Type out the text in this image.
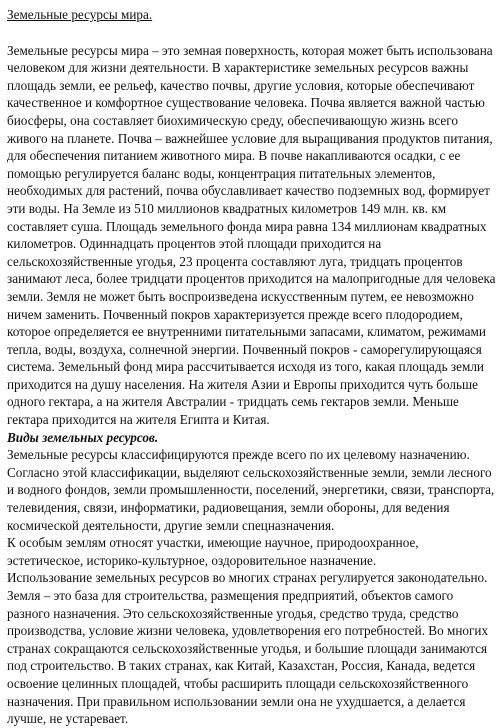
Земельные ресурсы мира.

Земельные ресурсы мира – это земная поверхность, которая может быть использована человеком для жизни деятельности. В характеристике земельных ресурсов важны площадь земли, ее рельеф, качество почвы, другие условия, которые обеспечивают качественное и комфортное существование человека. Почва является важной частью биосферы, она составляет биохимическую среду, обеспечивающую жизнь всего живого на планете. Почва – важнейшее условие для выращивания продуктов питания, для обеспечения питанием животного мира. В почве накапливаются осадки, с ее помощью регулируется баланс воды, концентрация питательных элементов, необходимых для растений, почва обуславливает качество подземных вод, формирует эти воды. На Земле из 510 миллионов квадратных километров 149 млн. кв. км составляет суша. Площадь земельного фонда мира равна 134 миллионам квадратных километров. Одиннадцать процентов этой площади приходится на сельскохозяйственные угодья, 23 процента составляют луга, тридцать процентов занимают леса, более тридцати процентов приходится на малопригодные для человека земли. Земля не может быть воспроизведена искусственным путем, ее невозможно ничем заменить. Почвенный покров характеризуется прежде всего плодородием, которое определяется ее внутренними питательными запасами, климатом, режимами тепла, воды, воздуха, солнечной энергии. Почвенный покров - саморегулирующаяся система. Земельный фонд мира рассчитывается исходя из того, какая площадь земли приходится на душу населения. На жителя Азии и Европы приходится чуть больше одного гектара, а на жителя Австралии - тридцать семь гектаров земли. Меньше гектара приходится на жителя Египта и Китая.

Виды земельных ресурсов.

Земельные ресурсы классифицируются прежде всего по их целевому назначению. Согласно этой классификации, выделяют сельскохозяйственные земли, земли лесного и водного фондов, земли промышленности, поселений, энергетики, связи, транспорта, телевидения, связи, информатики, радиовещания, земли обороны, для ведения космической деятельности, другие земли спецназначения.

К особым землям относят участки, имеющие научное, природоохранное, эстетическое, историко-культурное, оздоровительное назначение.

Использование земельных ресурсов во многих странах регулируется законодательно. Земля – это база для строительства, размещения предприятий, объектов самого разного назначения. Это сельскохозяйственные угодья, средство труда, средство производства, условие жизни человека, удовлетворения его потребностей. Во многих странах сокращаются сельскохозяйственные угодья, и большие площади занимаются под строительство. В таких странах, как Китай, Казахстан, Россия, Канада, ведется освоение целинных площадей, чтобы расширить площади сельскохозяйственного назначения. При правильном использовании земли она не ухудшается, а делается лучше, не устаревает.
